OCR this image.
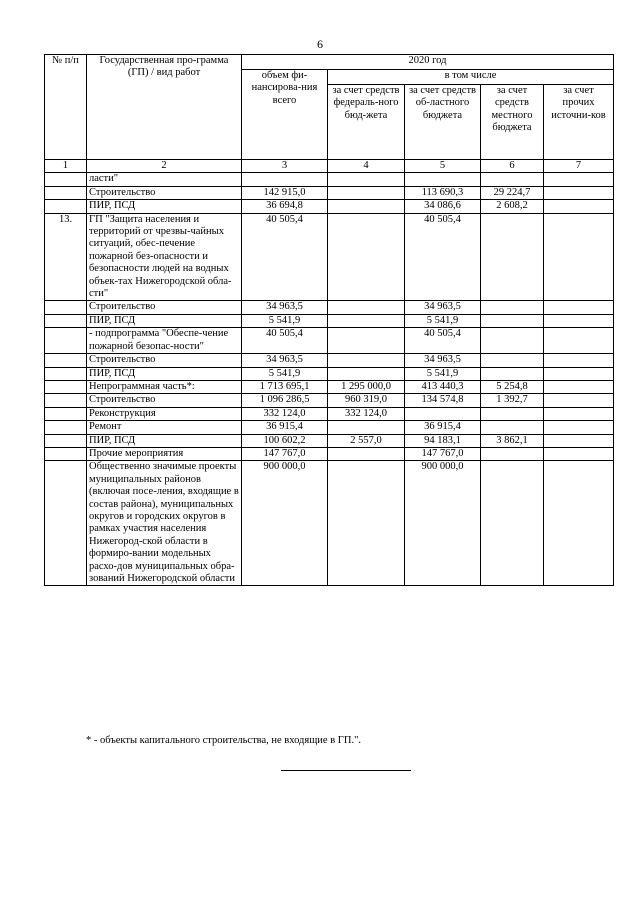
6
№ п/п	Государственная про-грамма (ГП) / вид работ	2020 год				
		объем фи-нансирова-ния всего	в том числе			
			за счет средств федераль-ного бюд-жета	за счет средств об-ластного бюджета	за счет средств местного бюджета	за счет прочих источни-ков
1	2	3	4	5	6	7
	ласти"					
	Строительство	142 915,0		113 690,3	29 224,7	
	ПИР, ПСД	36 694,8		34 086,6	2 608,2	
13.	ГП "Защита населения и территорий от чрезвы-чайных ситуаций, обес-печение пожарной без-опасности и безопасности людей на водных объек-тах Нижегородской обла-сти"	40 505,4		40 505,4		
	Строительство	34 963,5		34 963,5		
	ПИР, ПСД	5 541,9		5 541,9		
	- подпрограмма "Обеспе-чение пожарной безопас-ности"	40 505,4		40 505,4		
	Строительство	34 963,5		34 963,5		
	ПИР, ПСД	5 541,9		5 541,9		
	Непрограммная часть*:	1 713 695,1	1 295 000,0	413 440,3	5 254,8	
	Строительство	1 096 286,5	960 319,0	134 574,8	1 392,7	
	Реконструкция	332 124,0	332 124,0			
	Ремонт	36 915,4		36 915,4		
	ПИР, ПСД	100 602,2	2 557,0	94 183,1	3 862,1	
	Прочие мероприятия	147 767,0		147 767,0		
	Общественно значимые проекты муниципальных районов (включая посе-ления, входящие в состав района), муниципальных округов и городских округов в рамках участия населения Нижегород-ской области в формиро-вании модельных расхо-дов муниципальных обра-зований Нижегородской области	900 000,0		900 000,0		
* - объекты капитального строительства, не входящие в ГП.".
